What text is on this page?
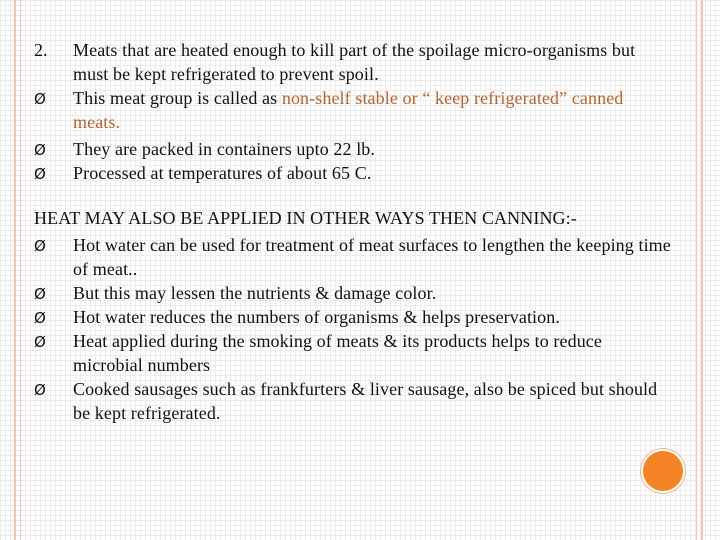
2.	Meats that are heated enough to kill part of the spoilage micro-organisms but must be kept refrigerated to prevent spoil.
Ø	This meat group is called as non-shelf stable or “ keep refrigerated” canned meats.
Ø	They are packed in containers upto 22 lb.
Ø	Processed at temperatures of about 65 C.
HEAT MAY ALSO BE APPLIED IN OTHER WAYS THEN CANNING:-
Ø	Hot water can be used for treatment of meat surfaces to lengthen the keeping time of meat..
Ø	But this may lessen the nutrients & damage color.
Ø	Hot water reduces the numbers of organisms & helps preservation.
Ø	Heat applied during the smoking of meats & its products helps to reduce microbial numbers
Ø	Cooked sausages such as frankfurters & liver sausage, also be spiced but should be kept refrigerated.
